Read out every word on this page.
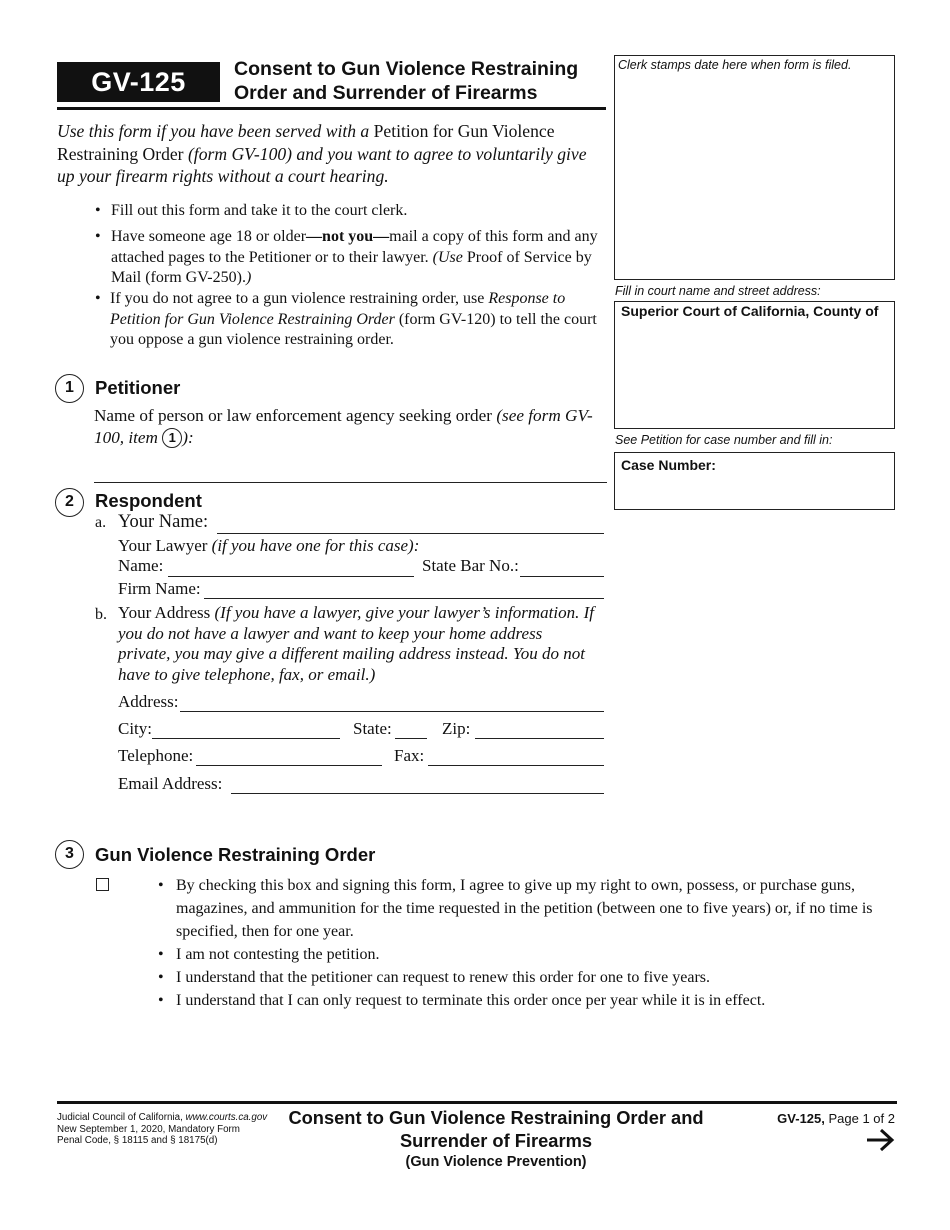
GV-125	Consent to Gun Violence Restraining
Order and Surrender of Firearms
Use this form if you have been served with a Petition for Gun Violence Restraining Order (form GV-100) and you want to agree to voluntarily give up your firearm rights without a court hearing.
• Fill out this form and take it to the court clerk.
• Have someone age 18 or older—not you—mail a copy of this form and any attached pages to the Petitioner or to their lawyer. (Use Proof of Service by Mail (form GV-250).)
• If you do not agree to a gun violence restraining order, use Response to Petition for Gun Violence Restraining Order (form GV-120) to tell the court you oppose a gun violence restraining order.
Clerk stamps date here when form is filed.
Fill in court name and street address:
Superior Court of California, County of
See Petition for case number and fill in:
Case Number:
1	Petitioner
Name of person or law enforcement agency seeking order (see form GV-100, item 1 ):
2	Respondent
a. Your Name:
Your Lawyer (if you have one for this case):
Name:	State Bar No.:
Firm Name:
b. Your Address (If you have a lawyer, give your lawyer’s information. If you do not have a lawyer and want to keep your home address private, you may give a different mailing address instead. You do not have to give telephone, fax, or email.)
Address:
City:	State:	Zip:
Telephone:	Fax:
Email Address:
3	Gun Violence Restraining Order
• By checking this box and signing this form, I agree to give up my right to own, possess, or purchase guns, magazines, and ammunition for the time requested in the petition (between one to five years) or, if no time is specified, then for one year.
• I am not contesting the petition.
• I understand that the petitioner can request to renew this order for one to five years.
• I understand that I can only request to terminate this order once per year while it is in effect.
Judicial Council of California, www.courts.ca.gov
New September 1, 2020, Mandatory Form
Penal Code, § 18115 and § 18175(d)
Consent to Gun Violence Restraining Order and
Surrender of Firearms
(Gun Violence Prevention)
GV-125, Page 1 of 2
